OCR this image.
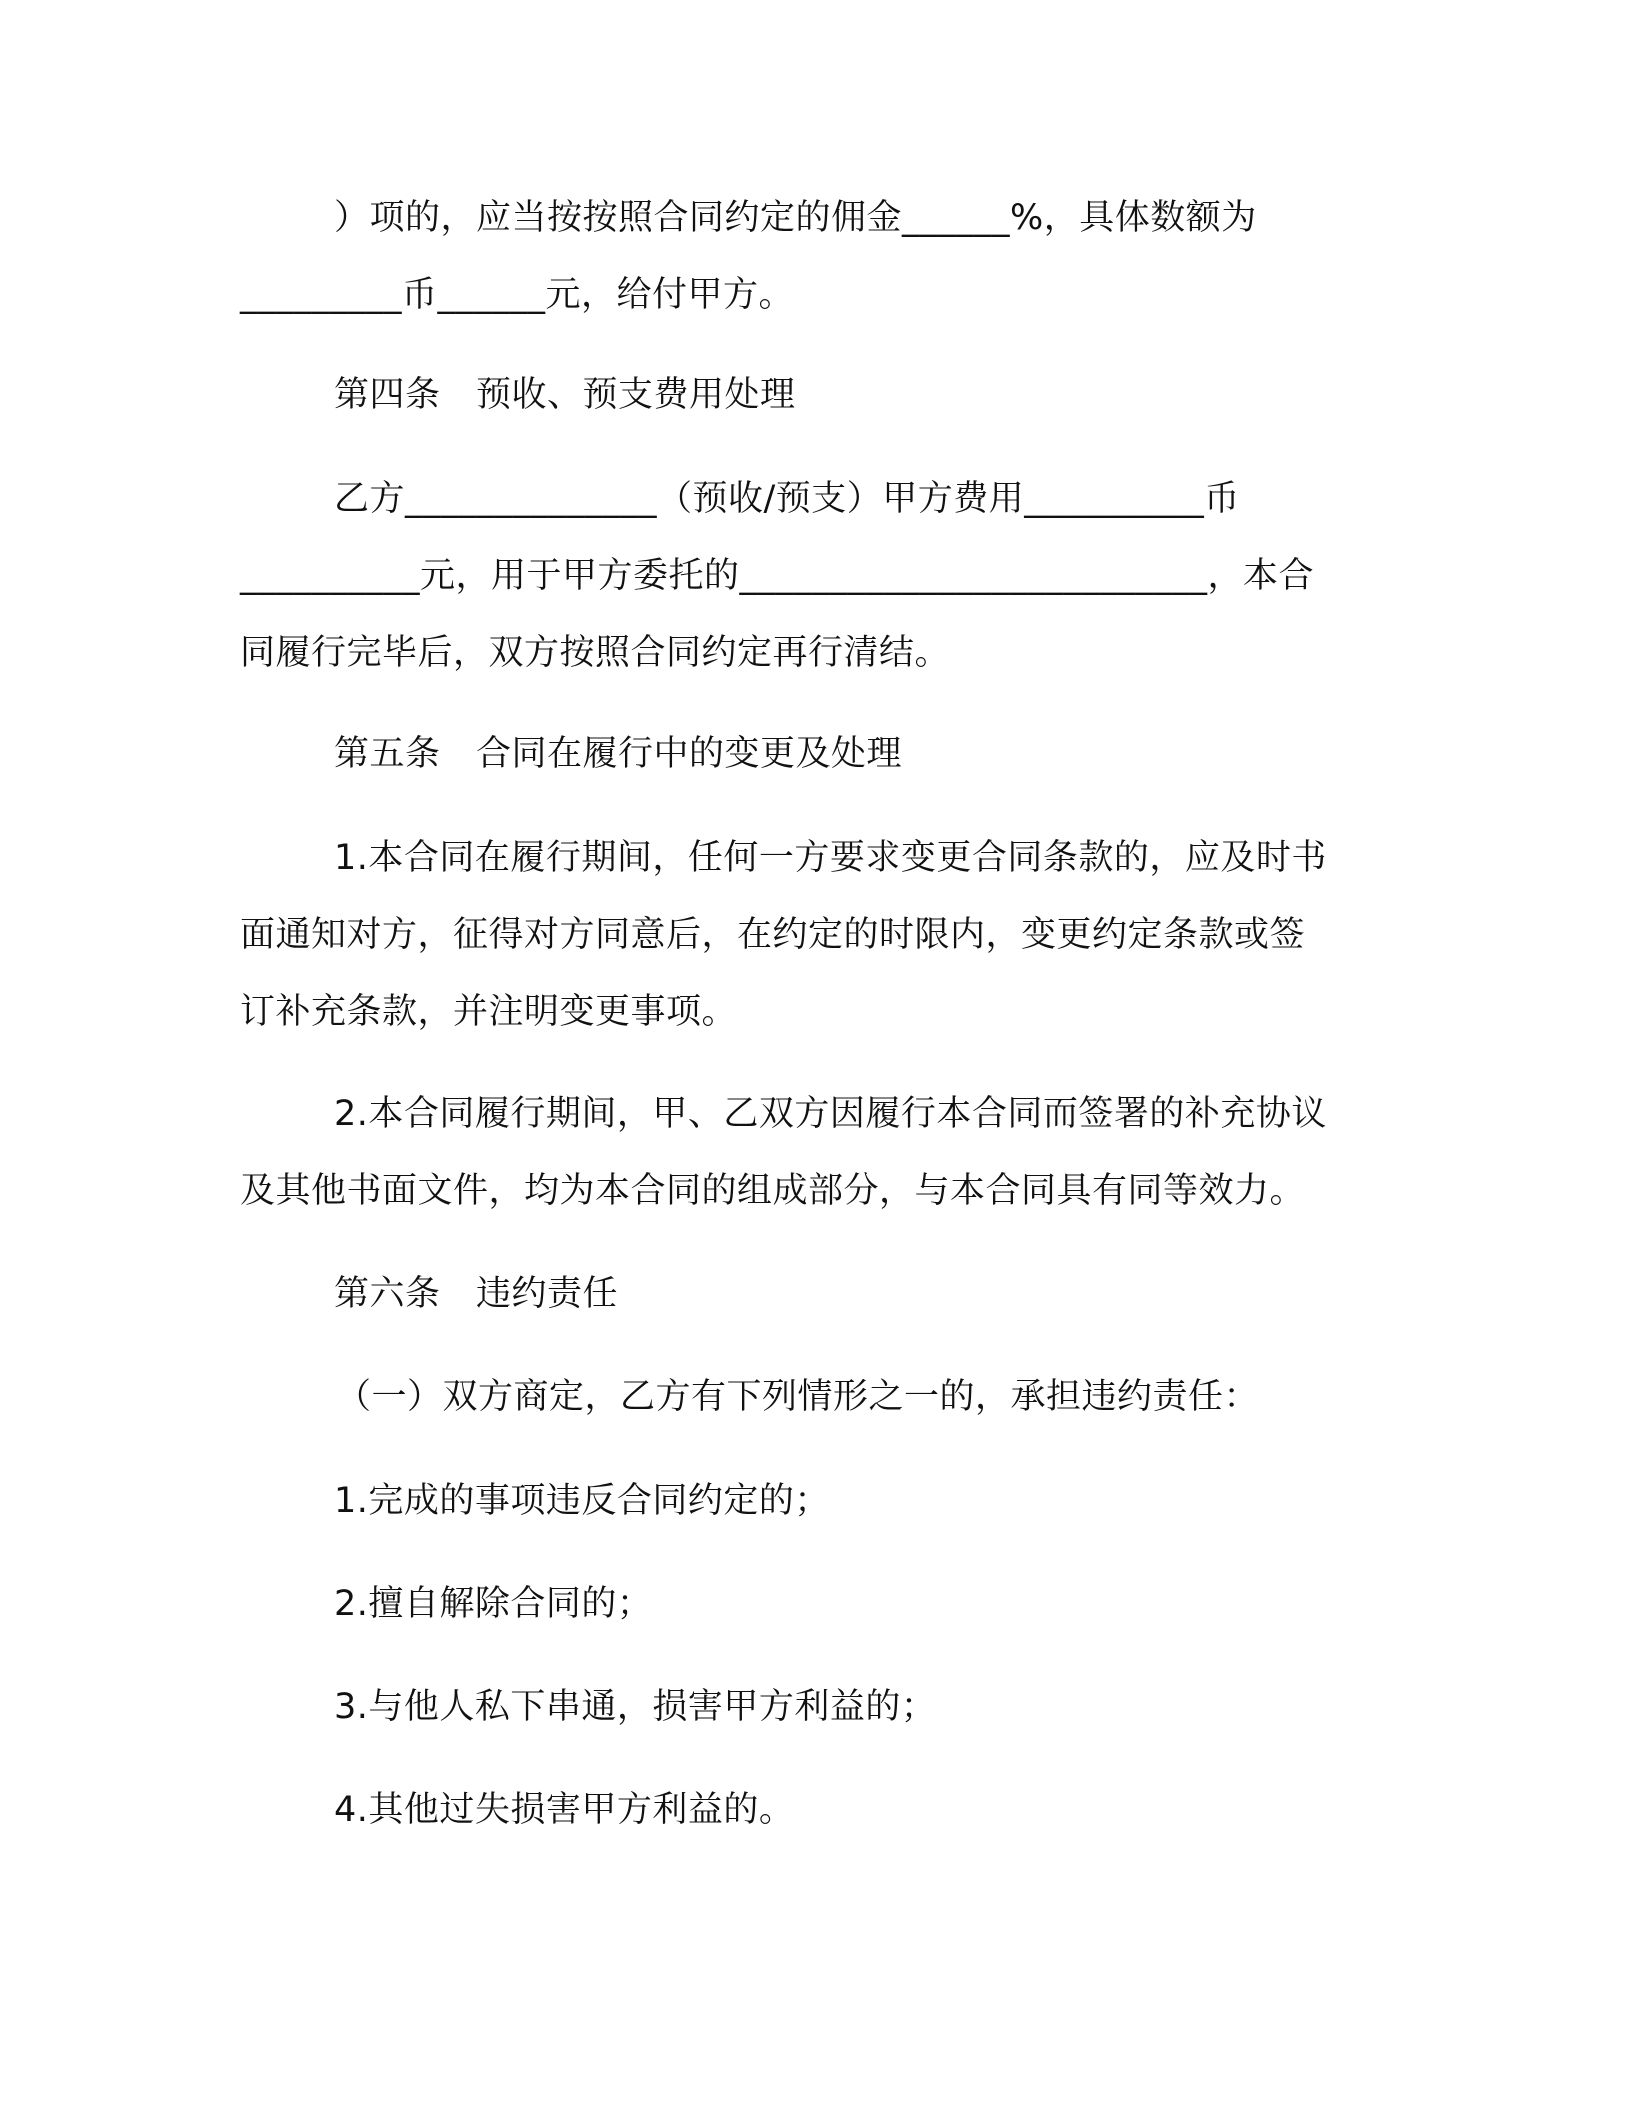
）项的，应当按按照合同约定的佣金______%，具体数额为
_________币______元，给付甲方。
第四条　预收、预支费用处理
乙方______________（预收/预支）甲方费用__________币
__________元，用于甲方委托的__________________________，本合
同履行完毕后，双方按照合同约定再行清结。
第五条　合同在履行中的变更及处理
1.本合同在履行期间，任何一方要求变更合同条款的，应及时书
面通知对方，征得对方同意后，在约定的时限内，变更约定条款或签
订补充条款，并注明变更事项。
2.本合同履行期间，甲、乙双方因履行本合同而签署的补充协议
及其他书面文件，均为本合同的组成部分，与本合同具有同等效力。
第六条　违约责任
（一）双方商定，乙方有下列情形之一的，承担违约责任：
1.完成的事项违反合同约定的；
2.擅自解除合同的；
3.与他人私下串通，损害甲方利益的；
4.其他过失损害甲方利益的。
